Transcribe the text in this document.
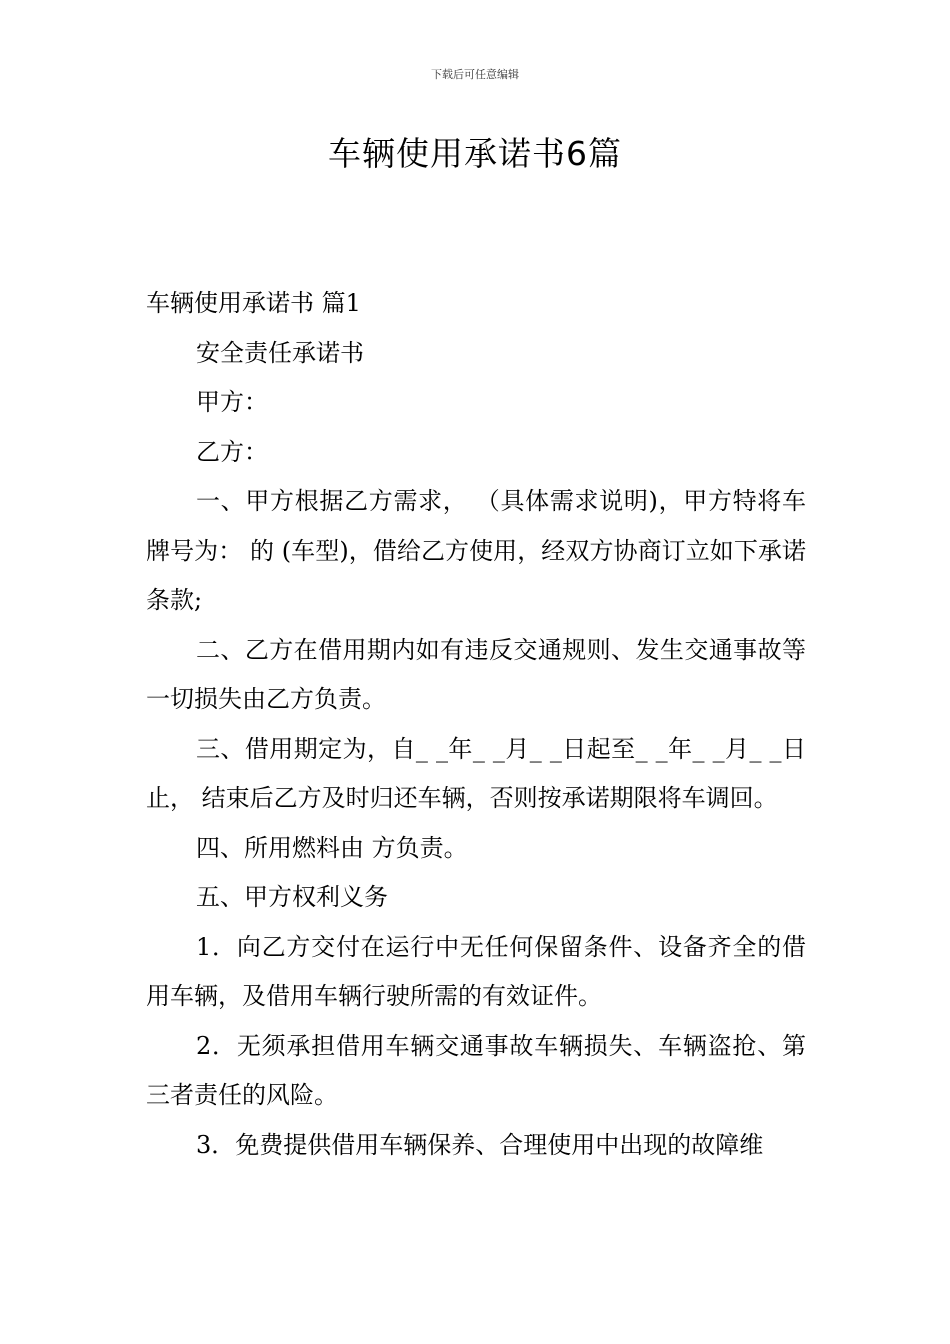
下载后可任意编辑
车辆使用承诺书6篇

车辆使用承诺书 篇1

安全责任承诺书

甲方：

乙方：

一、甲方根据乙方需求， （具体需求说明)，甲方特将车牌号为： 的 (车型)，借给乙方使用，经双方协商订立如下承诺条款;

二、乙方在借用期内如有违反交通规则、发生交通事故等一切损失由乙方负责。

三、借用期定为，自_ _年_ _月_ _日起至_ _年_ _月_ _日止， 结束后乙方及时归还车辆，否则按承诺期限将车调回。

四、所用燃料由 方负责。

五、甲方权利义务

1．向乙方交付在运行中无任何保留条件、设备齐全的借用车辆，及借用车辆行驶所需的有效证件。

2．无须承担借用车辆交通事故车辆损失、车辆盗抢、第三者责任的风险。

3．免费提供借用车辆保养、合理使用中出现的故障维
